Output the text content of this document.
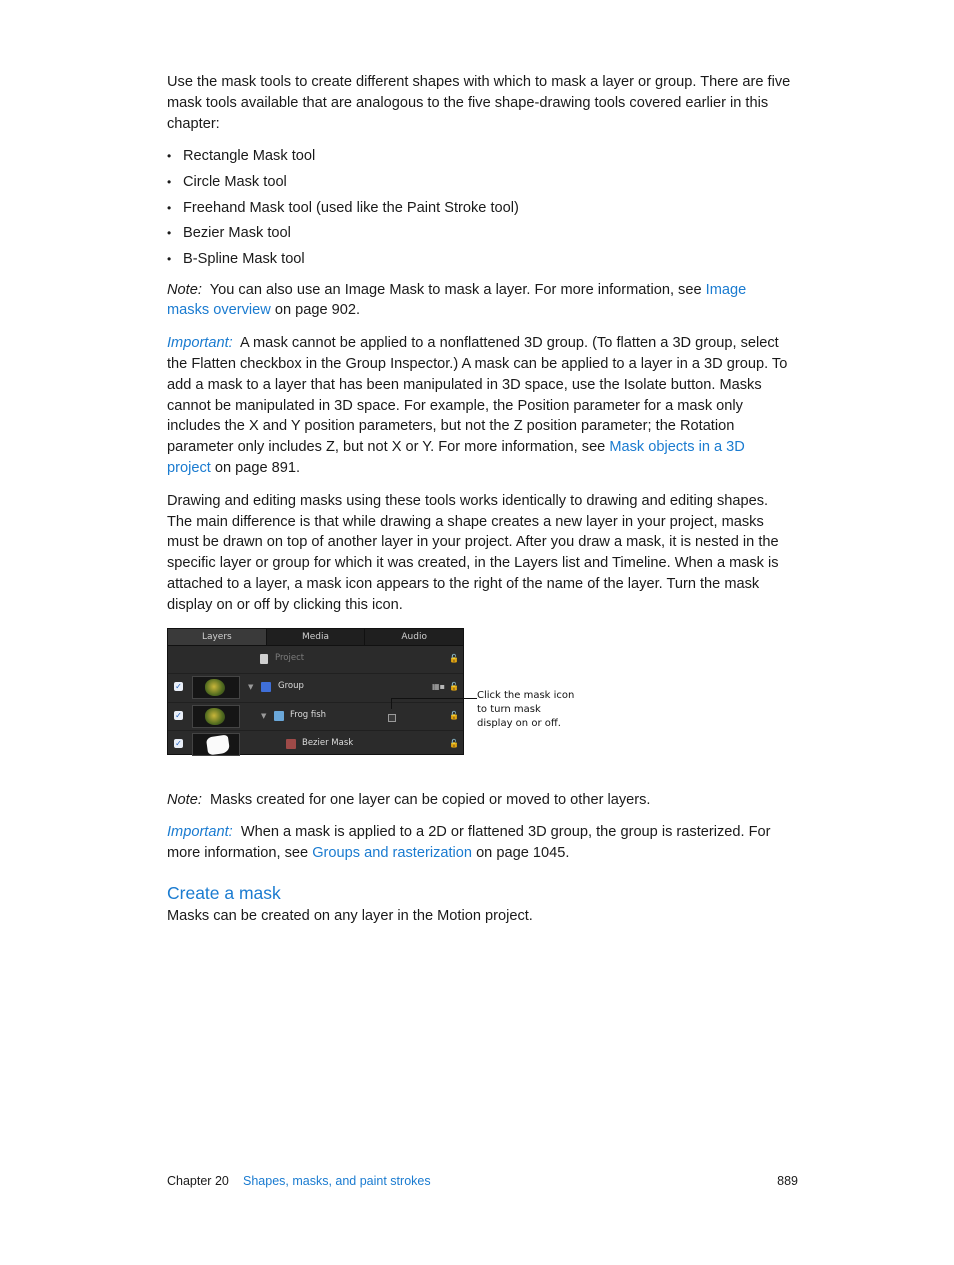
Use the mask tools to create different shapes with which to mask a layer or group. There are five mask tools available that are analogous to the five shape-drawing tools covered earlier in this chapter:

• Rectangle Mask tool
• Circle Mask tool
• Freehand Mask tool (used like the Paint Stroke tool)
• Bezier Mask tool
• B-Spline Mask tool

Note: You can also use an Image Mask to mask a layer. For more information, see Image masks overview on page 902.

Important: A mask cannot be applied to a nonflattened 3D group. (To flatten a 3D group, select the Flatten checkbox in the Group Inspector.) A mask can be applied to a layer in a 3D group. To add a mask to a layer that has been manipulated in 3D space, use the Isolate button. Masks cannot be manipulated in 3D space. For example, the Position parameter for a mask only includes the X and Y position parameters, but not the Z position parameter; the Rotation parameter only includes Z, but not X or Y. For more information, see Mask objects in a 3D project on page 891.

Drawing and editing masks using these tools works identically to drawing and editing shapes. The main difference is that while drawing a shape creates a new layer in your project, masks must be drawn on top of another layer in your project. After you draw a mask, it is nested in the specific layer or group for which it was created, in the Layers list and Timeline. When a mask is attached to a layer, a mask icon appears to the right of the name of the layer. Turn the mask display on or off by clicking this icon.

Layers	Media	Audio
Project	🔓
✓	▼	Group	▦▪ 🔓
✓	▼	Frog fish	🔓
✓	Bezier Mask	🔓
Click the mask icon to turn mask display on or off.

Note: Masks created for one layer can be copied or moved to other layers.

Important: When a mask is applied to a 2D or flattened 3D group, the group is rasterized. For more information, see Groups and rasterization on page 1045.

Create a mask

Masks can be created on any layer in the Motion project.

Chapter 20 Shapes, masks, and paint strokes	889
